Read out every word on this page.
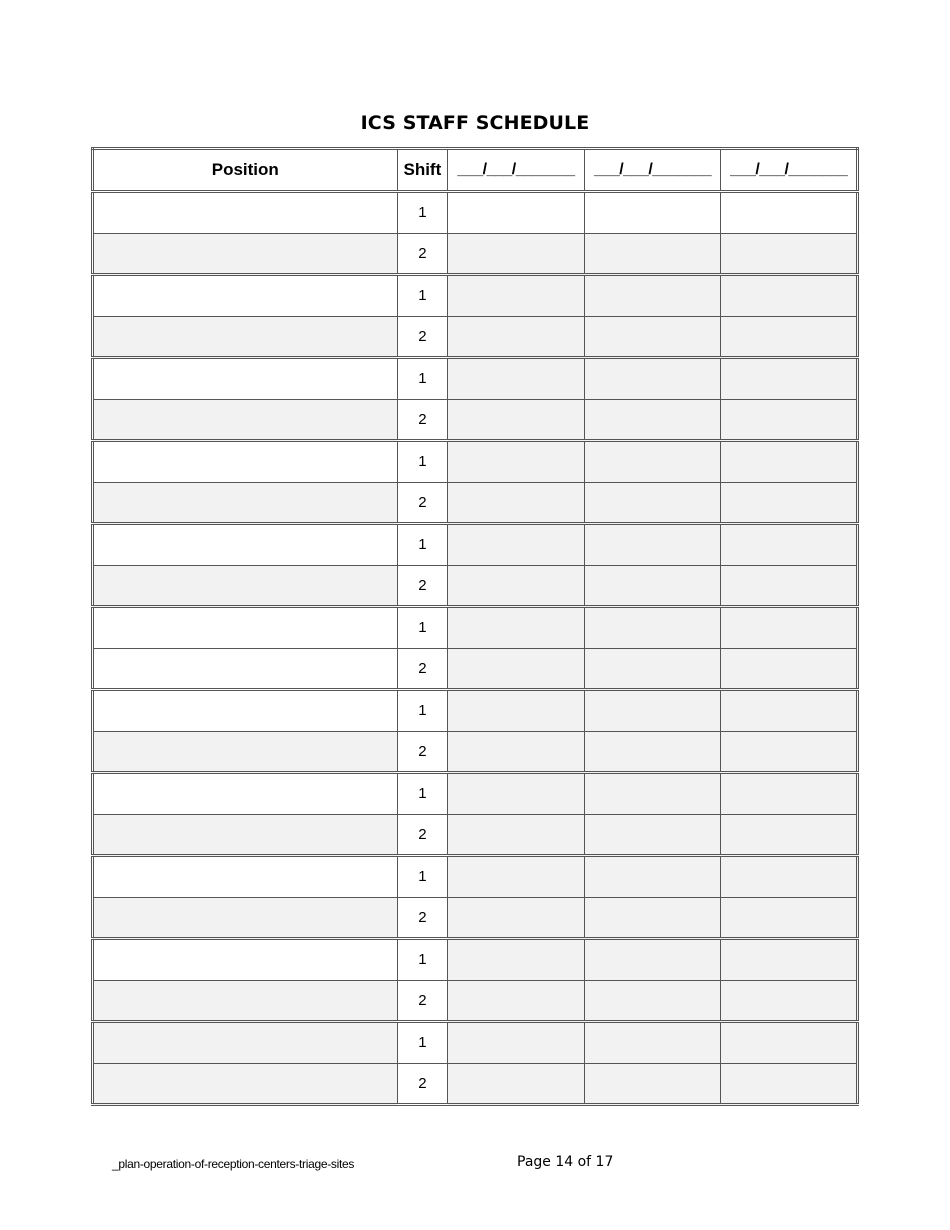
ICS STAFF SCHEDULE
Position	Shift	___/___/_______	___/___/_______	___/___/_______
	1			
	2			
	1			
	2			
	1			
	2			
	1			
	2			
	1			
	2			
	1			
	2			
	1			
	2			
	1			
	2			
	1			
	2			
	1			
	2			
	1			
	2			
_plan-operation-of-reception-centers-triage-sites	Page 14 of 17
